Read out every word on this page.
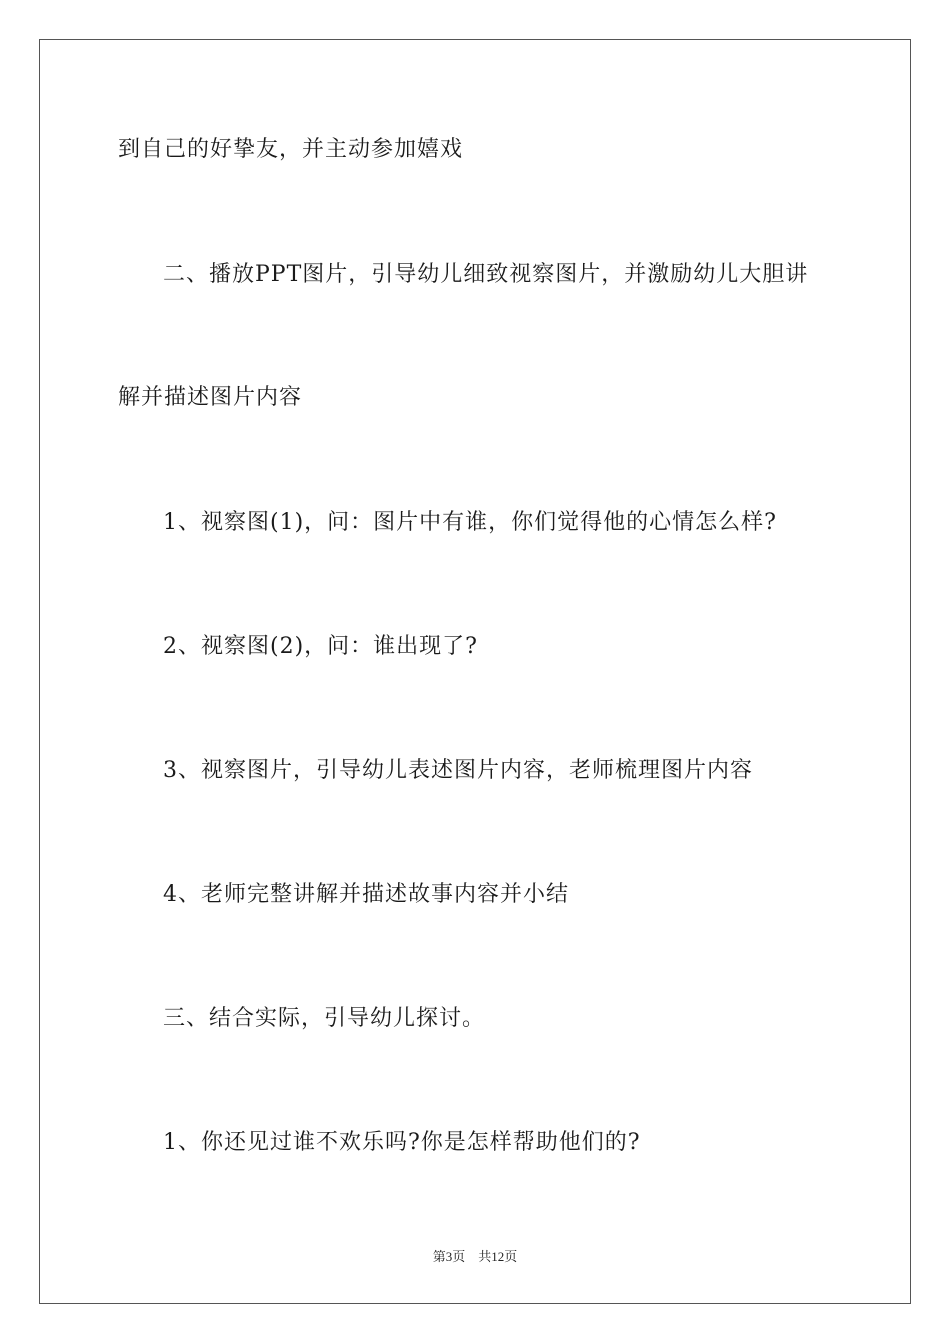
到自己的好挚友，并主动参加嬉戏
二、播放PPT图片，引导幼儿细致视察图片，并激励幼儿大胆讲
解并描述图片内容
1、视察图(1)，问：图片中有谁，你们觉得他的心情怎么样?
2、视察图(2)，问：谁出现了?
3、视察图片，引导幼儿表述图片内容，老师梳理图片内容
4、老师完整讲解并描述故事内容并小结
三、结合实际，引导幼儿探讨。
1、你还见过谁不欢乐吗?你是怎样帮助他们的?
第3页　共12页
